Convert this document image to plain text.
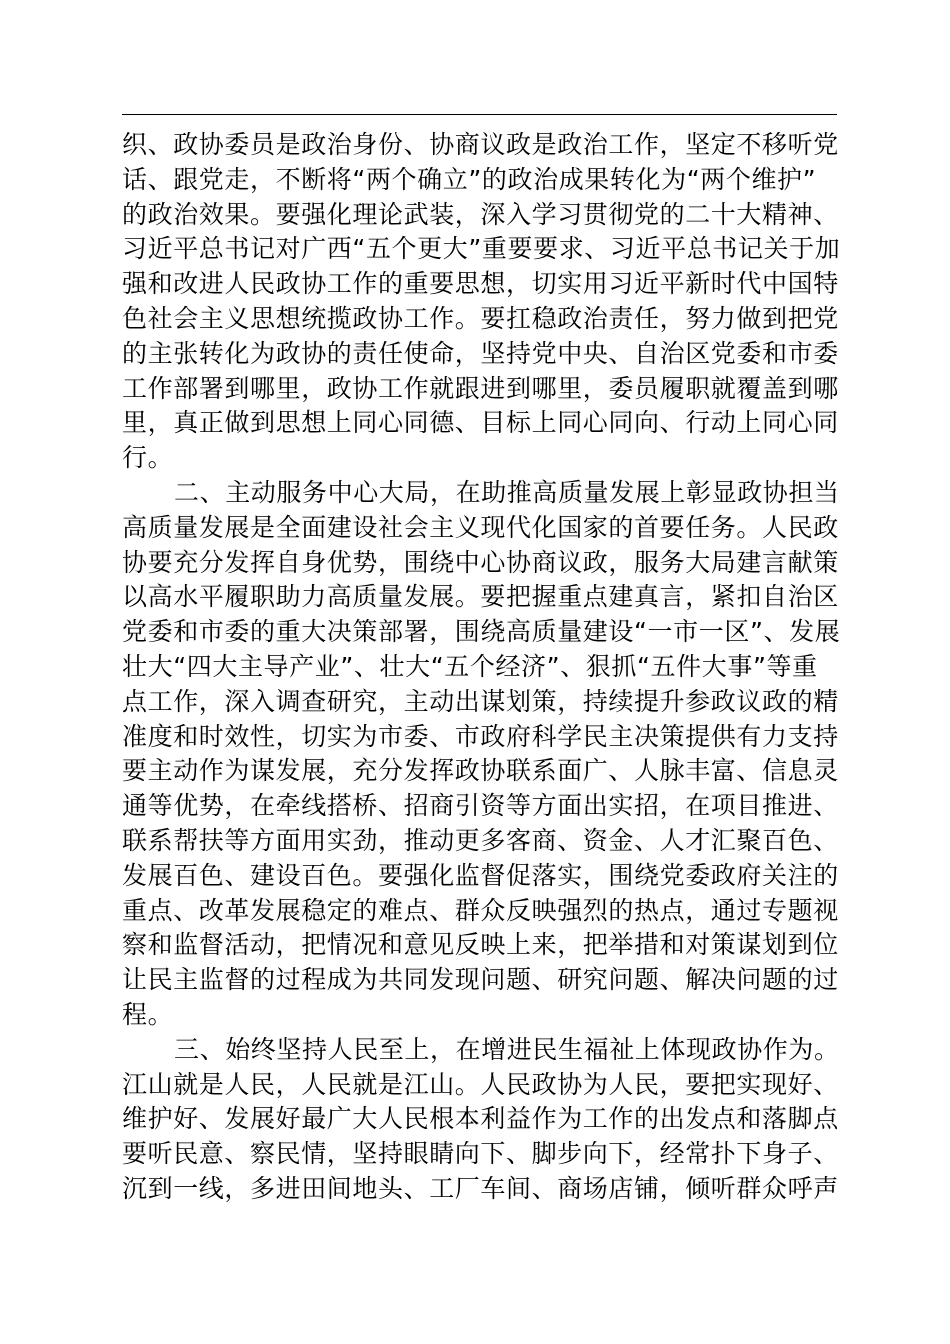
织、政协委员是政治身份、协商议政是政治工作，坚定不移听党
话、跟党走，不断将“两个确立”的政治成果转化为“两个维护”
的政治效果。要强化理论武装，深入学习贯彻党的二十大精神、
习近平总书记对广西“五个更大”重要要求、习近平总书记关于加
强和改进人民政协工作的重要思想，切实用习近平新时代中国特
色社会主义思想统揽政协工作。要扛稳政治责任，努力做到把党
的主张转化为政协的责任使命，坚持党中央、自治区党委和市委
工作部署到哪里，政协工作就跟进到哪里，委员履职就覆盖到哪
里，真正做到思想上同心同德、目标上同心同向、行动上同心同
行。
二、主动服务中心大局，在助推高质量发展上彰显政协担当
高质量发展是全面建设社会主义现代化国家的首要任务。人民政
协要充分发挥自身优势，围绕中心协商议政，服务大局建言献策
以高水平履职助力高质量发展。要把握重点建真言，紧扣自治区
党委和市委的重大决策部署，围绕高质量建设“一市一区”、发展
壮大“四大主导产业”、壮大“五个经济”、狠抓“五件大事”等重
点工作，深入调查研究，主动出谋划策，持续提升参政议政的精
准度和时效性，切实为市委、市政府科学民主决策提供有力支持
要主动作为谋发展，充分发挥政协联系面广、人脉丰富、信息灵
通等优势，在牵线搭桥、招商引资等方面出实招，在项目推进、
联系帮扶等方面用实劲，推动更多客商、资金、人才汇聚百色、
发展百色、建设百色。要强化监督促落实，围绕党委政府关注的
重点、改革发展稳定的难点、群众反映强烈的热点，通过专题视
察和监督活动，把情况和意见反映上来，把举措和对策谋划到位
让民主监督的过程成为共同发现问题、研究问题、解决问题的过
程。
三、始终坚持人民至上，在增进民生福祉上体现政协作为。
江山就是人民，人民就是江山。人民政协为人民，要把实现好、
维护好、发展好最广大人民根本利益作为工作的出发点和落脚点
要听民意、察民情，坚持眼睛向下、脚步向下，经常扑下身子、
沉到一线，多进田间地头、工厂车间、商场店铺，倾听群众呼声
